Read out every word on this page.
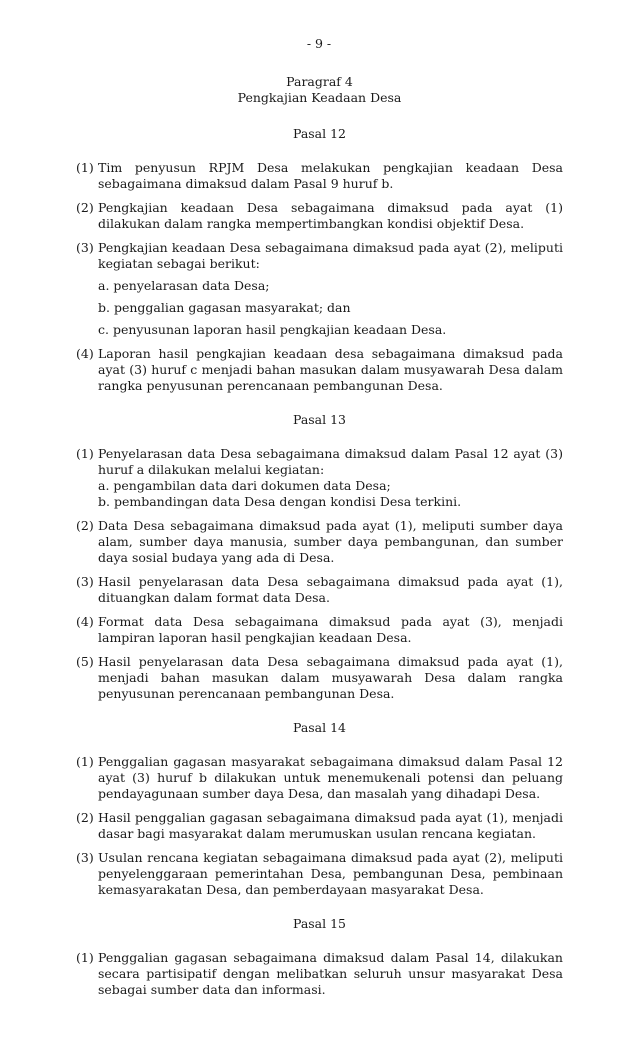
- 9 -
Paragraf 4
Pengkajian Keadaan Desa
Pasal 12
(1) Tim penyusun RPJM Desa melakukan pengkajian keadaan Desa sebagaimana dimaksud dalam Pasal 9 huruf b.

(2) Pengkajian keadaan Desa sebagaimana dimaksud pada ayat (1) dilakukan dalam rangka mempertimbangkan kondisi objektif Desa.

(3) Pengkajian keadaan Desa sebagaimana dimaksud pada ayat (2), meliputi kegiatan sebagai berikut:

a. penyelarasan data Desa;

b. penggalian gagasan masyarakat; dan

c. penyusunan laporan hasil pengkajian keadaan Desa.

(4) Laporan hasil pengkajian keadaan desa sebagaimana dimaksud pada ayat (3) huruf c menjadi bahan masukan dalam musyawarah Desa dalam rangka penyusunan perencanaan pembangunan Desa.

Pasal 13
(1) Penyelarasan data Desa sebagaimana dimaksud dalam Pasal 12 ayat (3) huruf a dilakukan melalui kegiatan:

a. pengambilan data dari dokumen data Desa;

b. pembandingan data Desa dengan kondisi Desa terkini.

(2) Data Desa sebagaimana dimaksud pada ayat (1), meliputi sumber daya alam, sumber daya manusia, sumber daya pembangunan, dan sumber daya sosial budaya yang ada di Desa.

(3) Hasil penyelarasan data Desa sebagaimana dimaksud pada ayat (1), dituangkan dalam format data Desa.

(4) Format data Desa sebagaimana dimaksud pada ayat (3), menjadi lampiran laporan hasil pengkajian keadaan Desa.

(5) Hasil penyelarasan data Desa sebagaimana dimaksud pada ayat (1), menjadi bahan masukan dalam musyawarah Desa dalam rangka penyusunan perencanaan pembangunan Desa.

Pasal 14
(1) Penggalian gagasan masyarakat sebagaimana dimaksud dalam Pasal 12 ayat (3) huruf b dilakukan untuk menemukenali potensi dan peluang pendayagunaan sumber daya Desa, dan masalah yang dihadapi Desa.

(2) Hasil penggalian gagasan sebagaimana dimaksud pada ayat (1), menjadi dasar bagi masyarakat dalam merumuskan usulan rencana kegiatan.

(3) Usulan rencana kegiatan sebagaimana dimaksud pada ayat (2), meliputi penyelenggaraan pemerintahan Desa, pembangunan Desa, pembinaan kemasyarakatan Desa, dan pemberdayaan masyarakat Desa.

Pasal 15
(1) Penggalian gagasan sebagaimana dimaksud dalam Pasal 14, dilakukan secara partisipatif dengan melibatkan seluruh unsur masyarakat Desa sebagai sumber data dan informasi.
